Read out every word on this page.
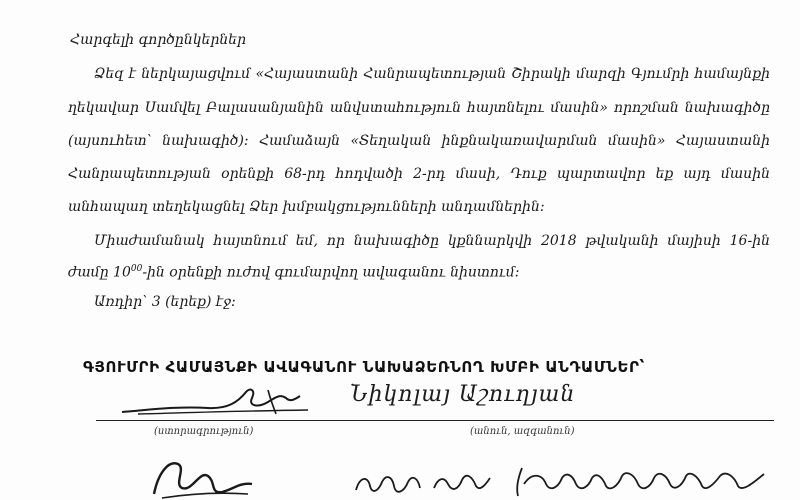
Հարգելի գործընկերներ
Ձեզ է ներկայացվում «Հայաստանի Հանրապետության Շիրակի մարզի Գյումրի համայնքի
ղեկավար Սամվել Բալասանյանին անվստահություն հայտնելու մասին» որոշման նախագիծը
(այսուհետ՝ նախագիծ): Համաձայն «Տեղական ինքնակառավարման մասին» Հայաստանի
Հանրապետության օրենքի 68-րդ հոդվածի 2-րդ մասի, Դուք պարտավոր եք այդ մասին
անհապաղ տեղեկացնել Ձեր խմբակցությունների անդամներին:
Միաժամանակ հայտնում եմ, որ նախագիծը կքննարկվի 2018 թվականի մայիսի 16-ին
ժամը $10^{00}-ին$ օրենքի ուժով գումարվող ավագանու նիստում:
Առդիր՝ 3 (երեք) էջ:
ԳՅՈՒՄՐԻ ՀԱՄԱՅՆՔԻ ԱՎԱԳԱՆՈՒ ՆԱԽԱՁԵՌՆՈՂ ԽՄԲԻ ԱՆԴԱՄՆԵՐ՝
(ստորագրություն)
Նիկոլայ Աշուղյան
(անուն, ազգանուն)
